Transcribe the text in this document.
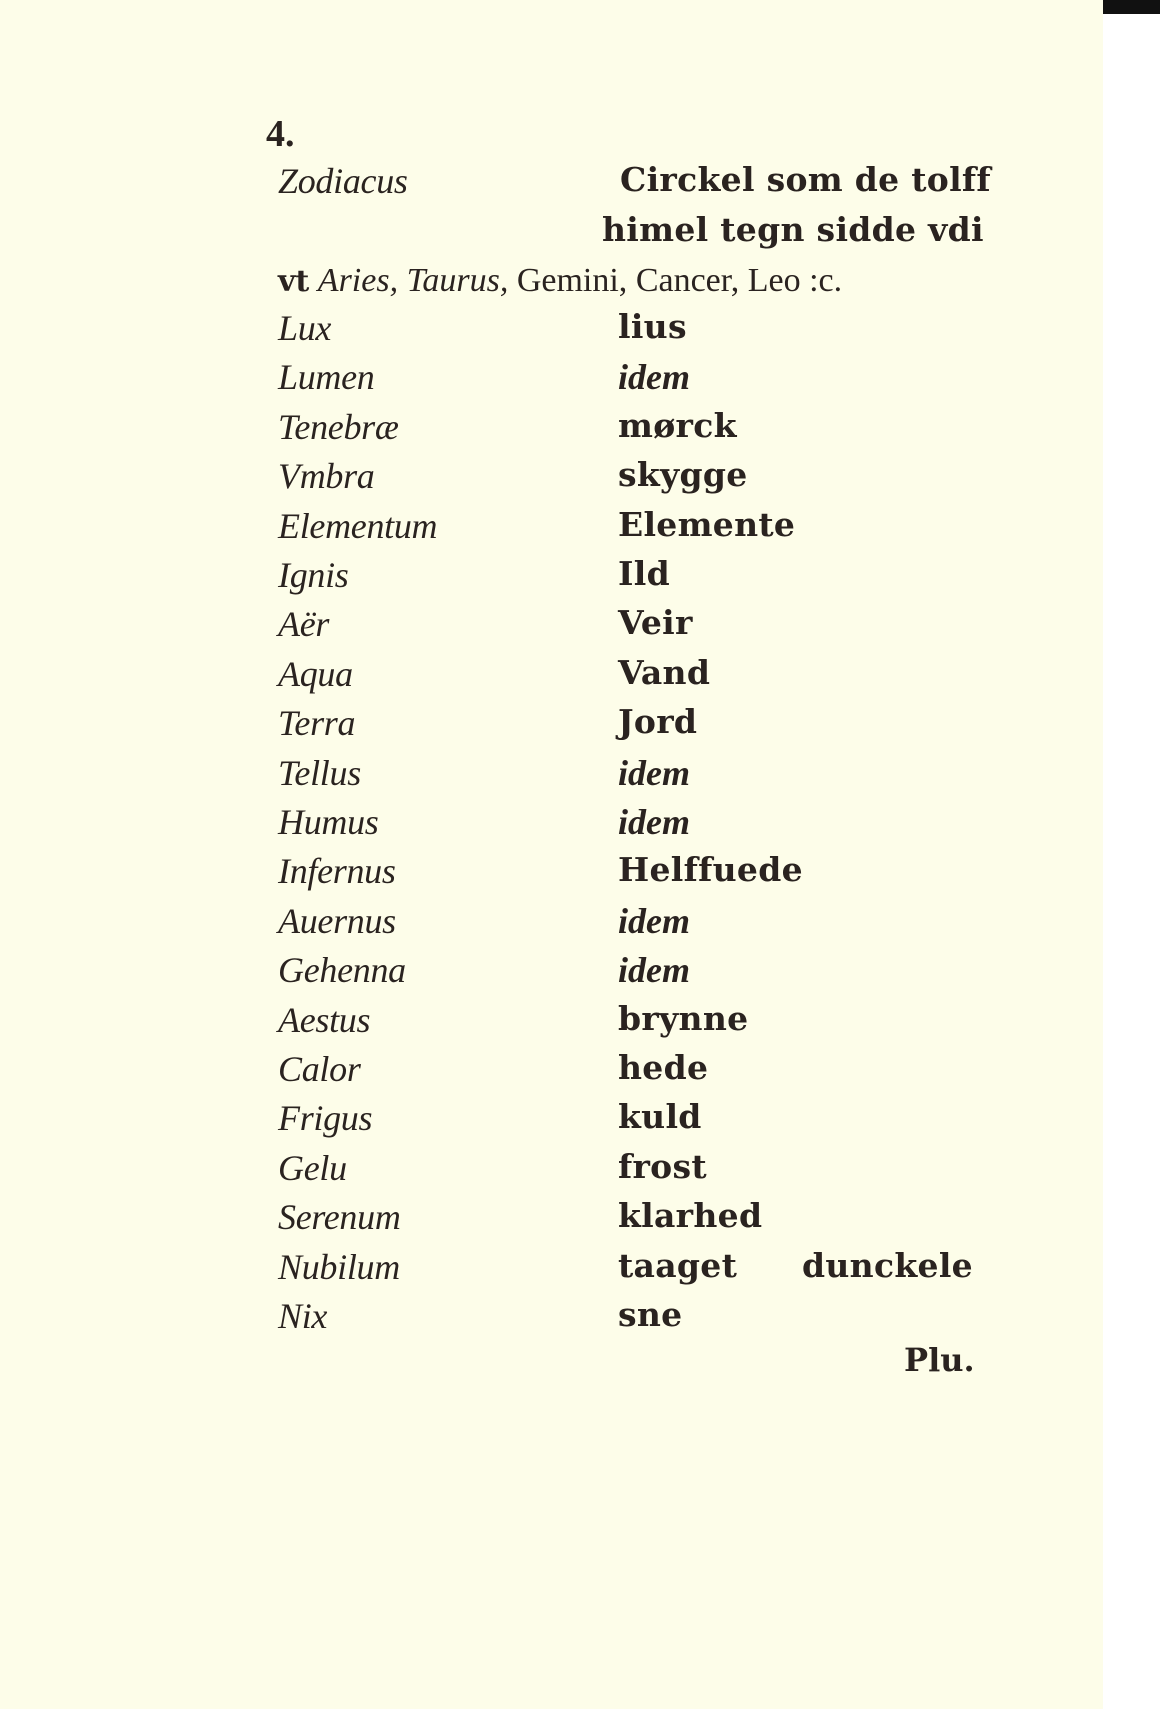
4.
Zodiacus	Circkel som de tolff
himel tegn sidde vdi
vt Aries, Taurus, Gemini, Cancer, Leo :c.
Lux	lius
Lumen	idem
Tenebræ	mørck
Vmbra	skygge
Elementum	Elemente
Ignis	Ild
Aër	Veir
Aqua	Vand
Terra	Jord
Tellus	idem
Humus	idem
Infernus	Helffuede
Auernus	idem
Gehenna	idem
Aestus	brynne
Calor	hede
Frigus	kuld
Gelu	frost
Serenum	klarhed
Nubilum	taaget dunckele
Nix	sne
Plu.
